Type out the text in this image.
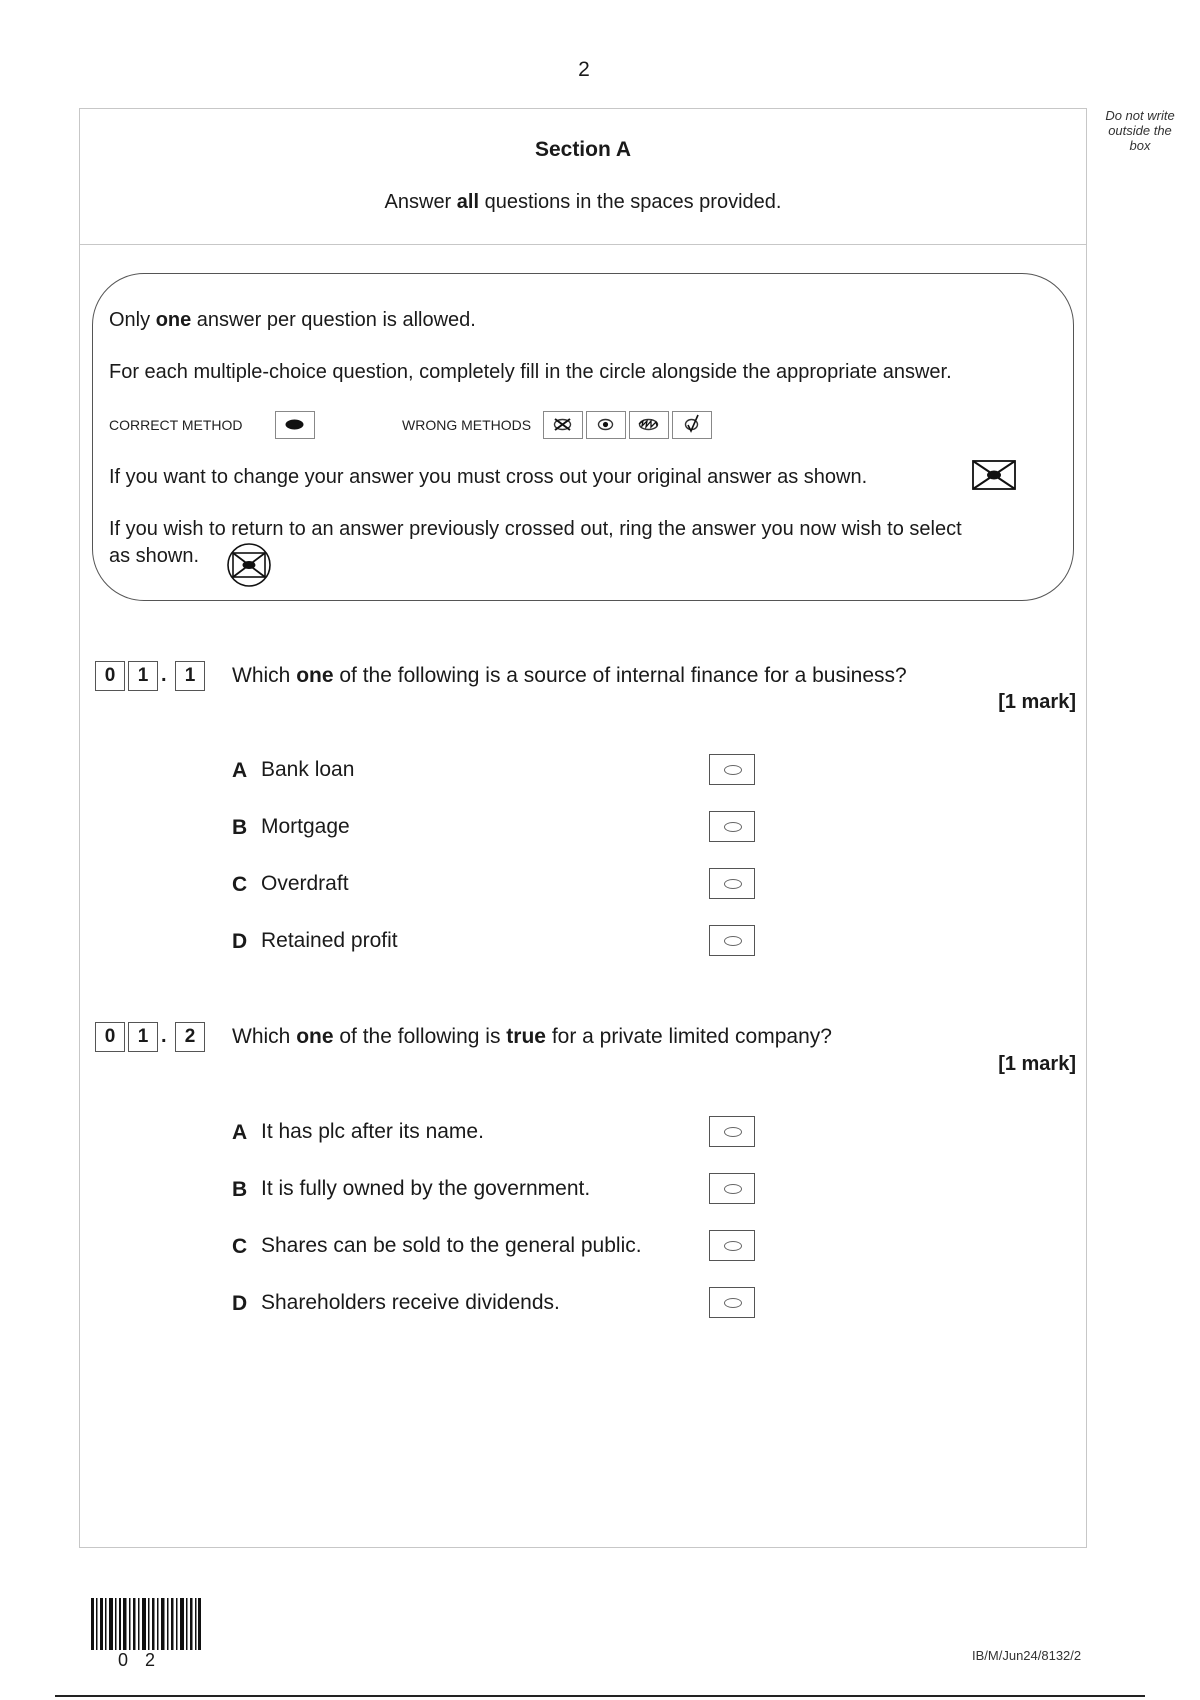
2
Do not write outside the box
Section A
Answer all questions in the spaces provided.
Only one answer per question is allowed.
For each multiple-choice question, completely fill in the circle alongside the appropriate answer.
CORRECT METHOD	WRONG METHODS
If you want to change your answer you must cross out your original answer as shown.
If you wish to return to an answer previously crossed out, ring the answer you now wish to select
as shown.
0	1 . 1	Which one of the following is a source of internal finance for a business?
[1 mark]
A Bank loan
B Mortgage
C Overdraft
D Retained profit
0	1 . 2	Which one of the following is true for a private limited company?
[1 mark]
A It has plc after its name.
B It is fully owned by the government.
C Shares can be sold to the general public.
D Shareholders receive dividends.
0 2	IB/M/Jun24/8132/2
